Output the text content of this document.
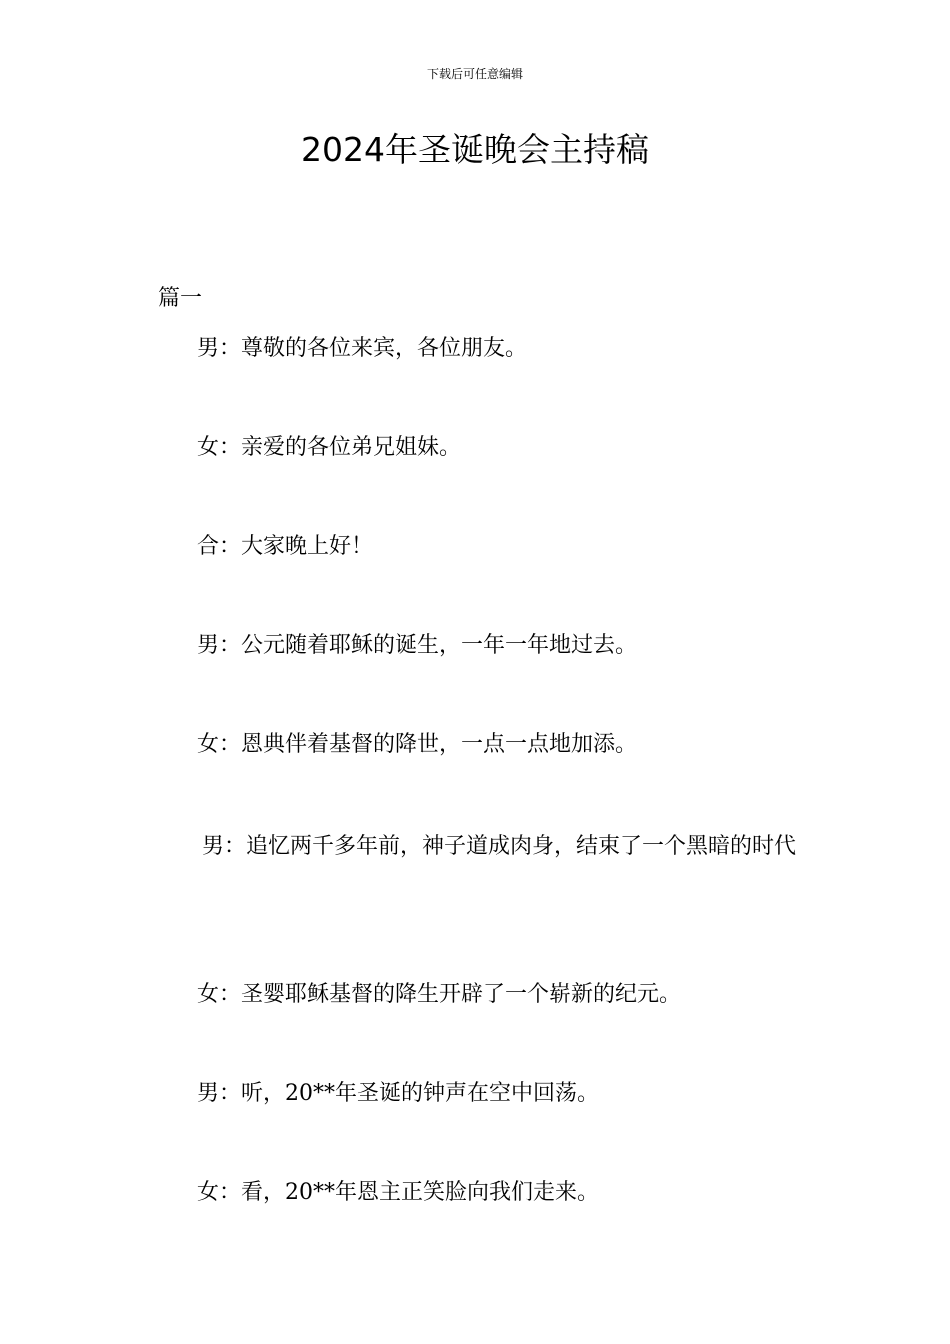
下载后可任意编辑
2024年圣诞晚会主持稿
篇一
男：尊敬的各位来宾，各位朋友。
女：亲爱的各位弟兄姐妹。
合：大家晚上好！
男：公元随着耶稣的诞生，一年一年地过去。
女：恩典伴着基督的降世，一点一点地加添。
男：追忆两千多年前，神子道成肉身，结束了一个黑暗的时代
女：圣婴耶稣基督的降生开辟了一个崭新的纪元。
男：听，20**年圣诞的钟声在空中回荡。
女：看，20**年恩主正笑脸向我们走来。
